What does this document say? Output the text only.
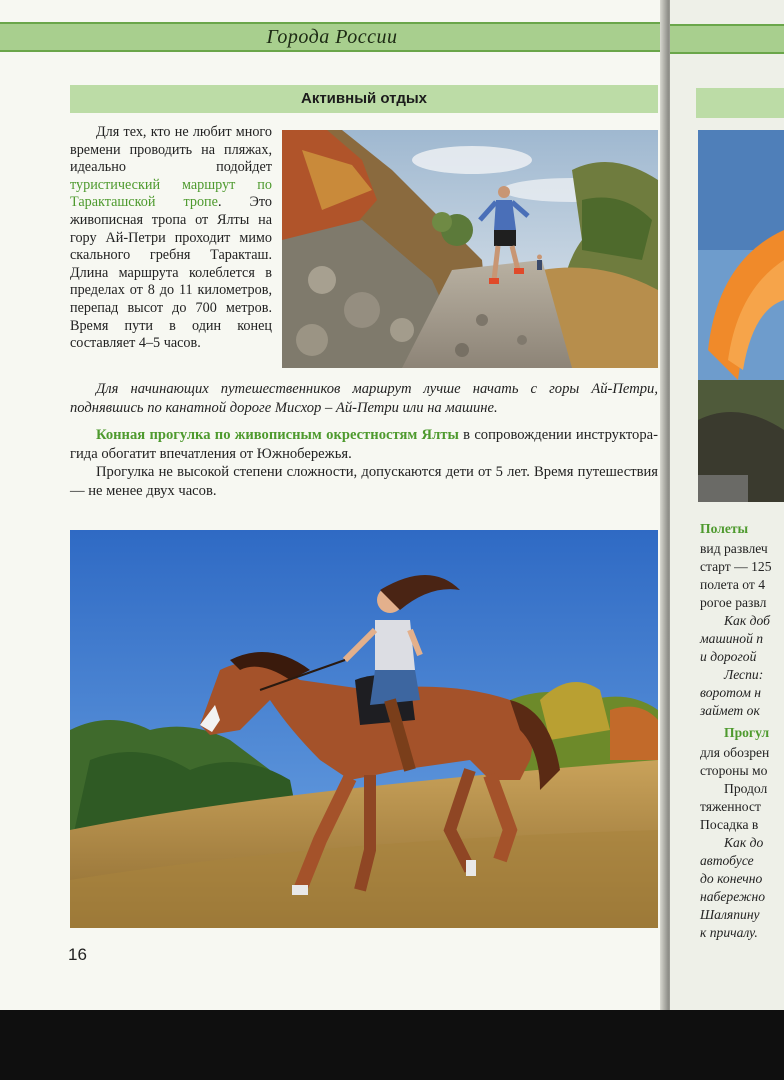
Города России
Активный отдых
Для тех, кто не любит много времени проводить на пляжах, идеально подойдет туристический маршрут по Таракташской тропе. Это живописная тропа от Ялты на гору Ай-Петри проходит мимо скального гребня Таракташ. Длина маршрута колеблется в пределах от 8 до 11 километров, перепад высот до 700 метров. Время пути в один конец составляет 4–5 часов.
Для начинающих путешественников маршрут лучше начать с горы Ай-Петри, поднявшись по канатной дороге Мисхор – Ай-Петри или на машине.
Конная прогулка по живописным окрестностям Ялты в сопровождении инструктора-гида обогатит впечатления от Южнобережья.
Прогулка не высокой степени сложности, допускаются дети от 5 лет. Время путешествия — не менее двух часов.
16
Полеты
вид развлеч
старт — 125
полета от 4
рогое развл
Как доб
машиной п
и дорогой
Леспи:
воротом н
займет ок
Прогул
для обозрен
стороны мо
Продол
тяженност
Посадка в
Как до
автобусе
до конечно
набережно
Шаляпину
к причалу.
